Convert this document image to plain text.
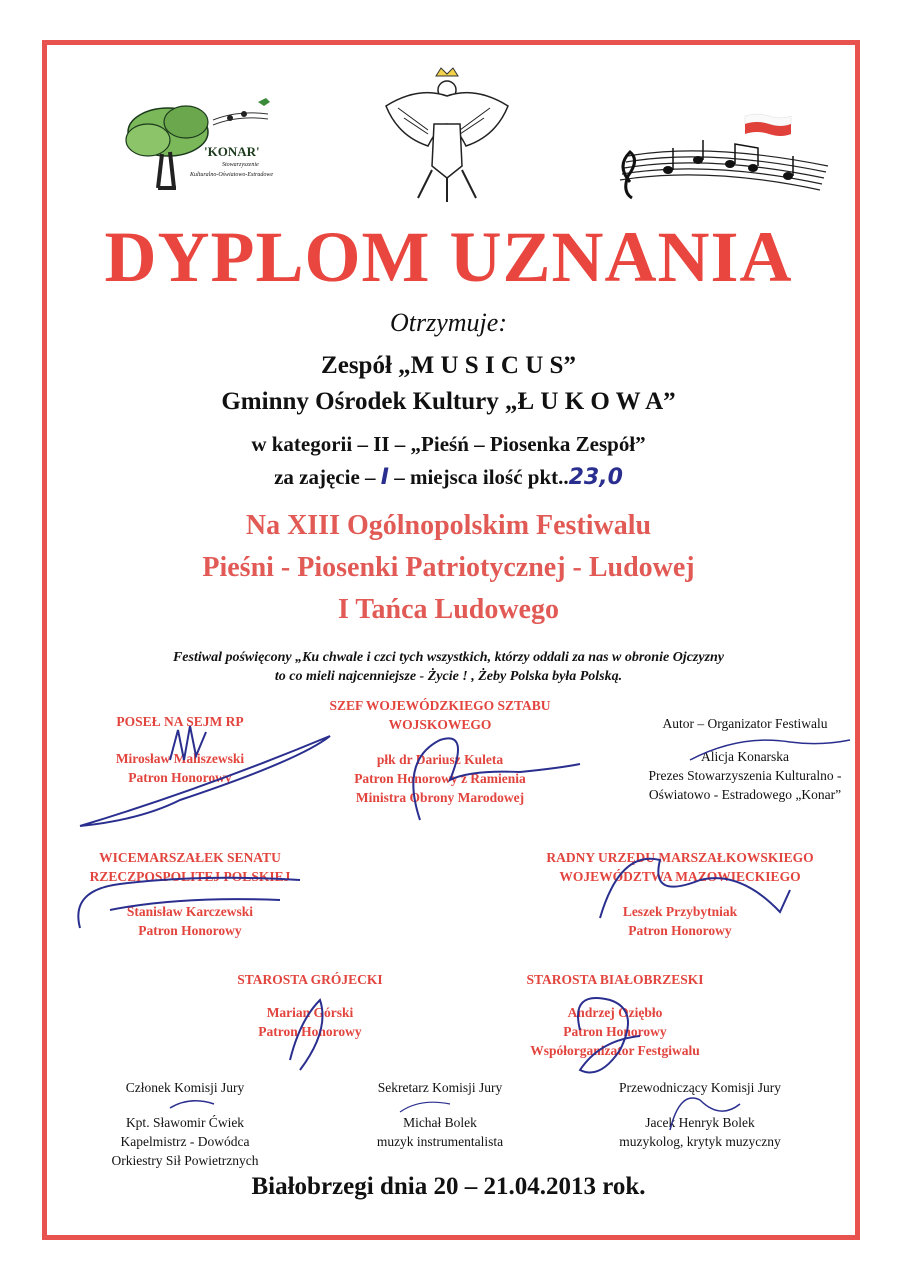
'KONAR'
Stowarzyszenie
Kulturalno-Oświatowo-Estradowe
DYPLOM UZNANIA
Otrzymuje:
Zespół „M U S I C U S”
Gminny Ośrodek Kultury „Ł U K O W A”
w kategorii – II – „Pieśń – Piosenka Zespół”
za zajęcie – I – miejsca ilość pkt..23,0
Na XIII Ogólnopolskim Festiwalu
Pieśni - Piosenki Patriotycznej - Ludowej
I Tańca Ludowego
Festiwal poświęcony „Ku chwale i czci tych wszystkich, którzy oddali za nas w obronie Ojczyzny
to co mieli najcenniejsze - Życie ! , Żeby Polska była Polską.
POSEŁ NA SEJM RP
Mirosław Maliszewski
Patron Honorowy
SZEF WOJEWÓDZKIEGO SZTABU
WOJSKOWEGO
płk dr Dariusz Kuleta
Patron Honorowy z Ramienia
Ministra Obrony Marodowej
Autor – Organizator Festiwalu
Alicja Konarska
Prezes Stowarzyszenia Kulturalno -
Oświatowo - Estradowego „Konar”
WICEMARSZAŁEK SENATU
RZECZPOSPOLITEJ POLSKIEJ
Stanisław Karczewski
Patron Honorowy
RADNY URZĘDU MARSZAŁKOWSKIEGO
WOJEWÓDZTWA MAZOWIECKIEGO
Leszek Przybytniak
Patron Honorowy
STAROSTA GRÓJECKI
Marian Górski
Patron Honorowy
STAROSTA BIAŁOBRZESKI
Andrzej Oziębło
Patron Honorowy
Współorganizator Festgiwalu
Członek Komisji Jury
Kpt. Sławomir Ćwiek
Kapelmistrz - Dowódca
Orkiestry Sił Powietrznych
Sekretarz Komisji Jury
Michał Bolek
muzyk instrumentalista
Przewodniczący Komisji Jury
Jacek Henryk Bolek
muzykolog, krytyk muzyczny
Białobrzegi dnia 20 – 21.04.2013 rok.
